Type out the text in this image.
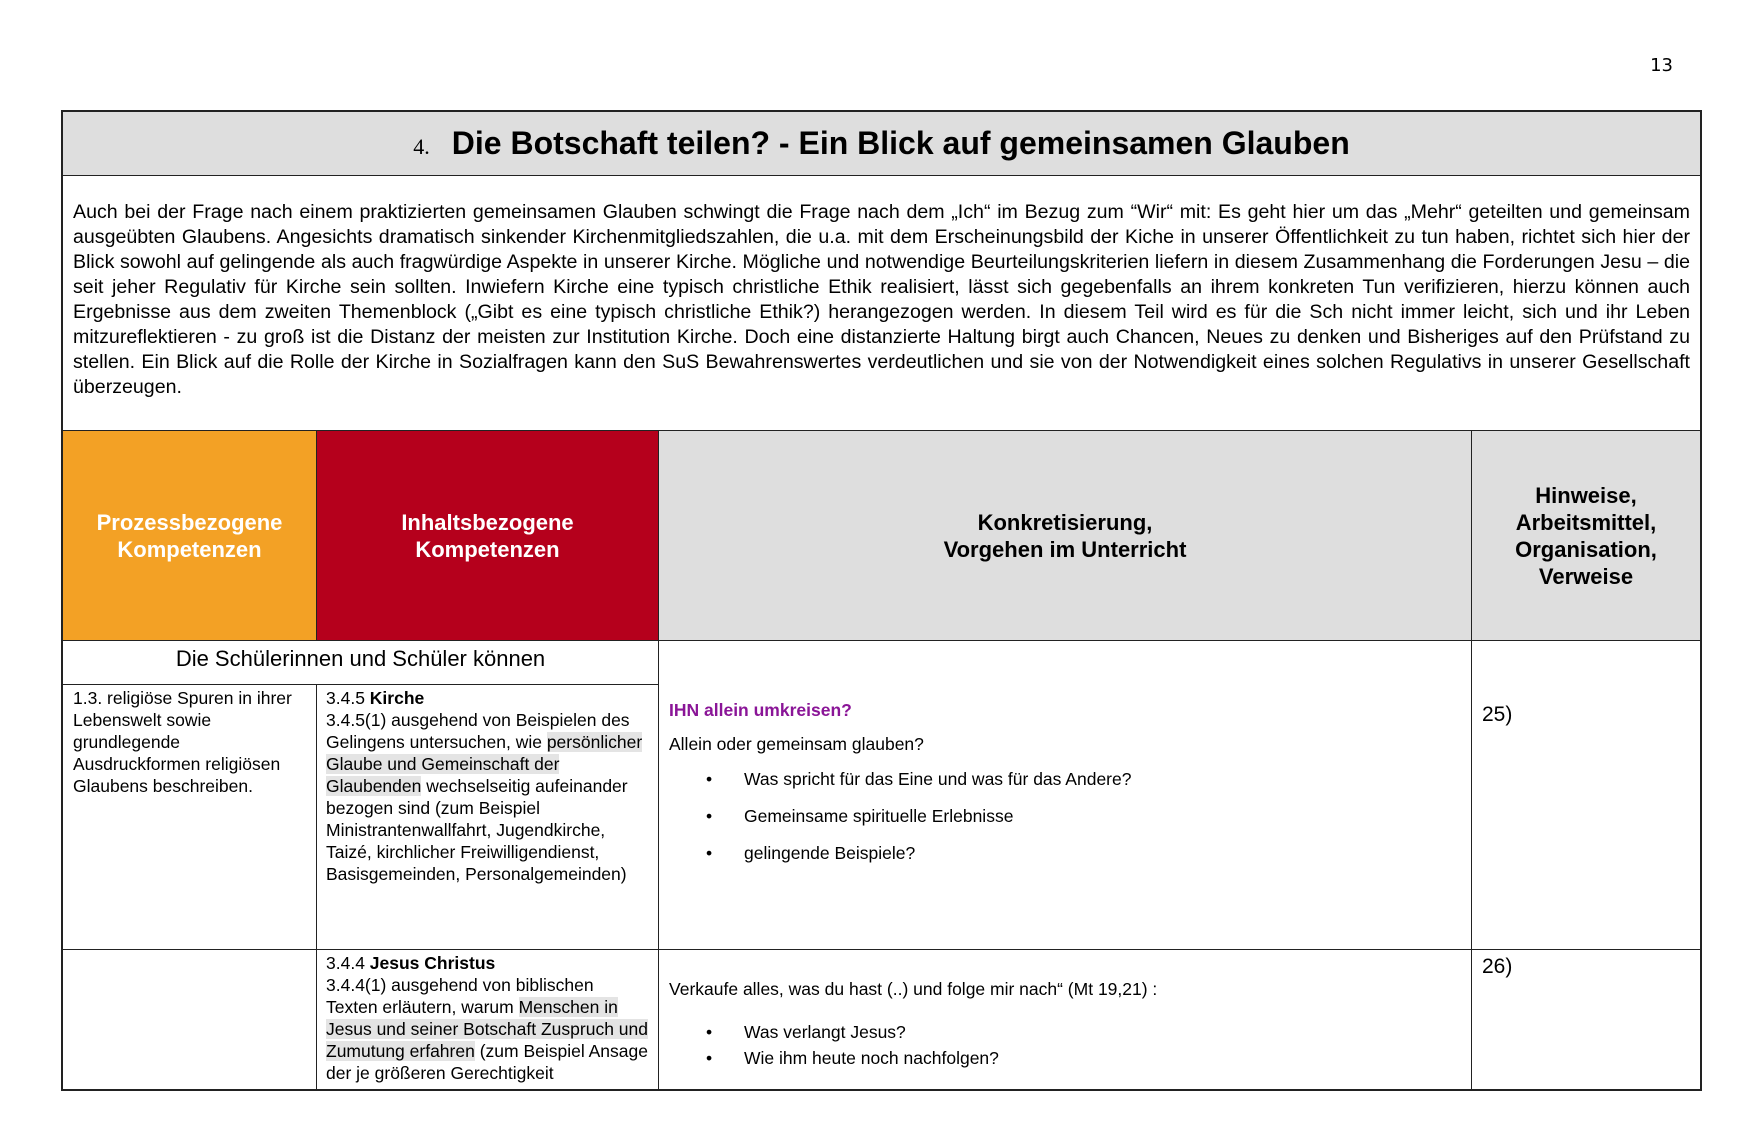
13
4. Die Botschaft teilen? - Ein Blick auf gemeinsamen Glauben
Auch bei der Frage nach einem praktizierten gemeinsamen Glauben schwingt die Frage nach dem „Ich“ im Bezug zum “Wir“ mit: Es geht hier um das „Mehr“ geteilten und gemeinsam ausgeübten Glaubens. Angesichts dramatisch sinkender Kirchenmitgliedszahlen, die u.a. mit dem Erscheinungsbild der Kiche in unserer Öffentlichkeit zu tun haben, richtet sich hier der Blick sowohl auf gelingende als auch fragwürdige Aspekte in unserer Kirche. Mögliche und notwendige Beurteilungskriterien liefern in diesem Zusammenhang die Forderungen Jesu – die seit jeher Regulativ für Kirche sein sollten. Inwiefern Kirche eine typisch christliche Ethik realisiert, lässt sich gegebenfalls an ihrem konkreten Tun verifizieren, hierzu können auch Ergebnisse aus dem zweiten Themenblock („Gibt es eine typisch christliche Ethik?) herangezogen werden. In diesem Teil wird es für die Sch nicht immer leicht, sich und ihr Leben mitzureflektieren - zu groß ist die Distanz der meisten zur Institution Kirche. Doch eine distanzierte Haltung birgt auch Chancen, Neues zu denken und Bisheriges auf den Prüfstand zu stellen. Ein Blick auf die Rolle der Kirche in Sozialfragen kann den SuS Bewahrenswertes verdeutlichen und sie von der Notwendigkeit eines solchen Regulativs in unserer Gesellschaft überzeugen.
Prozessbezogene
Kompetenzen
Inhaltsbezogene
Kompetenzen
Konkretisierung,
Vorgehen im Unterricht
Hinweise,
Arbeitsmittel,
Organisation,
Verweise
Die Schülerinnen und Schüler können
1.3. religiöse Spuren in ihrer Lebenswelt sowie grundlegende Ausdruckformen religiösen Glaubens beschreiben.
3.4.5 Kirche
3.4.5(1) ausgehend von Beispielen des Gelingens untersuchen, wie persönlicher Glaube und Gemeinschaft der Glaubenden wechselseitig aufeinander bezogen sind (zum Beispiel Ministrantenwallfahrt, Jugendkirche, Taizé, kirchlicher Freiwilligendienst, Basisgemeinden, Personalgemeinden)
IHN allein umkreisen?
Allein oder gemeinsam glauben?
• Was spricht für das Eine und was für das Andere?
• Gemeinsame spirituelle Erlebnisse
• gelingende Beispiele?
25)
3.4.4 Jesus Christus
3.4.4(1) ausgehend von biblischen Texten erläutern, warum Menschen in Jesus und seiner Botschaft Zuspruch und Zumutung erfahren (zum Beispiel Ansage der je größeren Gerechtigkeit
Verkaufe alles, was du hast (..) und folge mir nach“ (Mt 19,21) :
• Was verlangt Jesus?
• Wie ihm heute noch nachfolgen?
26)
